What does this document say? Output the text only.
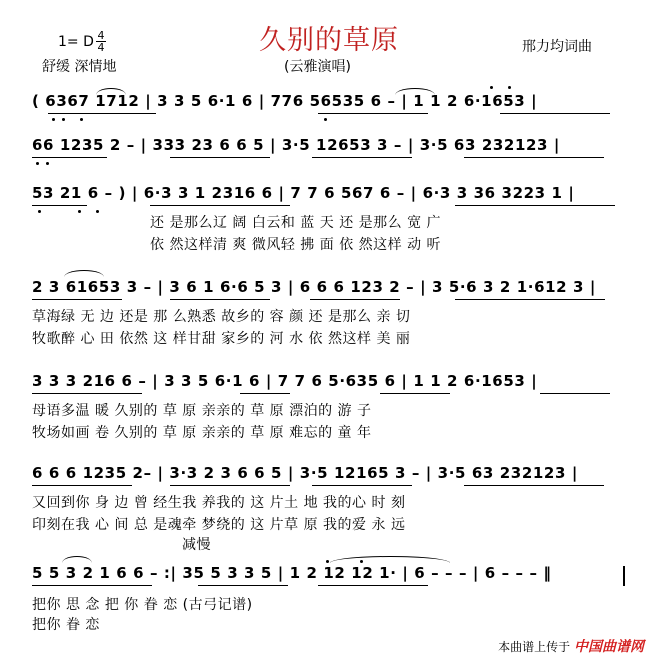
久别的草原
1= D 4
4
舒缓 深情地	(云雅演唱)
邢力均词曲
( 6367 1712 | 3 3 5 6·1 6 | 776 56535 6 – | 1 1 2 6·1653 |
66 1235 2 – | 333 23 6 6 5 | 3·5 12653 3 – | 3·5 63 232123 |
53 21 6 – ) | 6·3 3 1 2316 6 | 7 7 6 567 6 – | 6·3 3 36 3223 1 |
还 是那么辽 阔 白云和 蓝 天 还 是那么 宽 广
依 然这样清 爽 微风轻 拂 面 依 然这样 动 听
2 3 61653 3 – | 3 6 1 6·6 5 3 | 6 6 6 123 2 – | 3 5·6 3 2 1·612 3 |
草海绿 无 边 还是 那 么熟悉 故乡的 容 颜 还 是那么 亲 切
牧歌醉 心 田 依然 这 样甘甜 家乡的 河 水 依 然这样 美 丽
3 3 3 216 6 – | 3 3 5 6·1 6 | 7 7 6 5·635 6 | 1 1 2 6·1653 |
母语多温 暖 久别的 草 原 亲亲的 草 原 漂泊的 游 子
牧场如画 卷 久别的 草 原 亲亲的 草 原 难忘的 童 年
6 6 6 1235 2– | 3·3 2 3 6 6 5 | 3·5 12165 3 – | 3·5 63 232123 |
又回到你 身 边 曾 经生我 养我的 这 片土 地 我的心 时 刻
印刻在我 心 间 总 是魂牵 梦绕的 这 片草 原 我的爱 永 远
减慢
5 5 3 2 1 6 6 – :| 35 5 3 3 5 | 1 2 12 12 1· | 6 – – – | 6 – – – ‖
把你 思 念 把 你 眷 恋 (古弓记谱)
把你 眷 恋
本曲谱上传于 中国曲谱网
